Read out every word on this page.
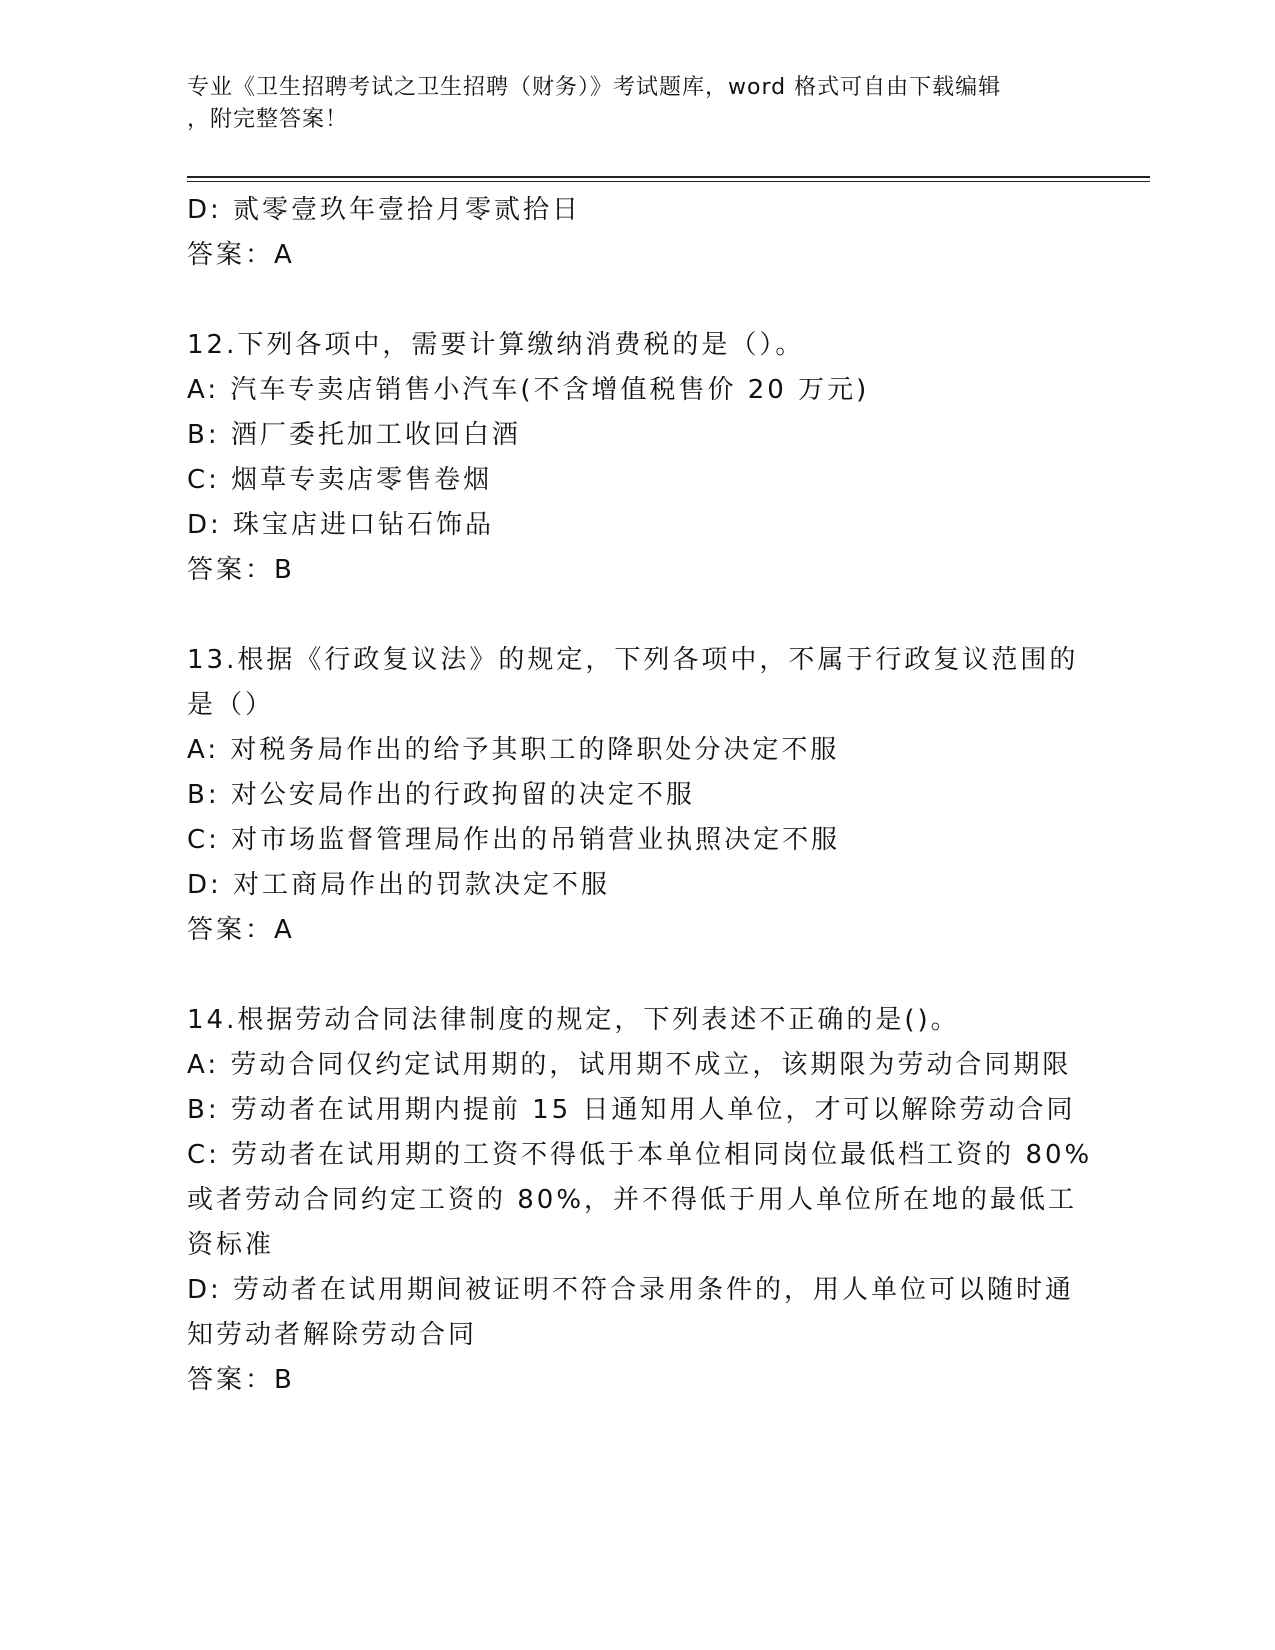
专业《卫生招聘考试之卫生招聘（财务）》考试题库，word 格式可自由下载编辑
，附完整答案！
D: 贰零壹玖年壹拾月零贰拾日
答案：A
12.下列各项中，需要计算缴纳消费税的是（）。
A: 汽车专卖店销售小汽车(不含增值税售价 20 万元)
B: 酒厂委托加工收回白酒
C: 烟草专卖店零售卷烟
D: 珠宝店进口钻石饰品
答案：B
13.根据《行政复议法》的规定，下列各项中，不属于行政复议范围的
是（）
A: 对税务局作出的给予其职工的降职处分决定不服
B: 对公安局作出的行政拘留的决定不服
C: 对市场监督管理局作出的吊销营业执照决定不服
D: 对工商局作出的罚款决定不服
答案：A
14.根据劳动合同法律制度的规定，下列表述不正确的是()。
A: 劳动合同仅约定试用期的，试用期不成立，该期限为劳动合同期限
B: 劳动者在试用期内提前 15 日通知用人单位，才可以解除劳动合同
C: 劳动者在试用期的工资不得低于本单位相同岗位最低档工资的 80%
或者劳动合同约定工资的 80%，并不得低于用人单位所在地的最低工
资标准
D: 劳动者在试用期间被证明不符合录用条件的，用人单位可以随时通
知劳动者解除劳动合同
答案：B
